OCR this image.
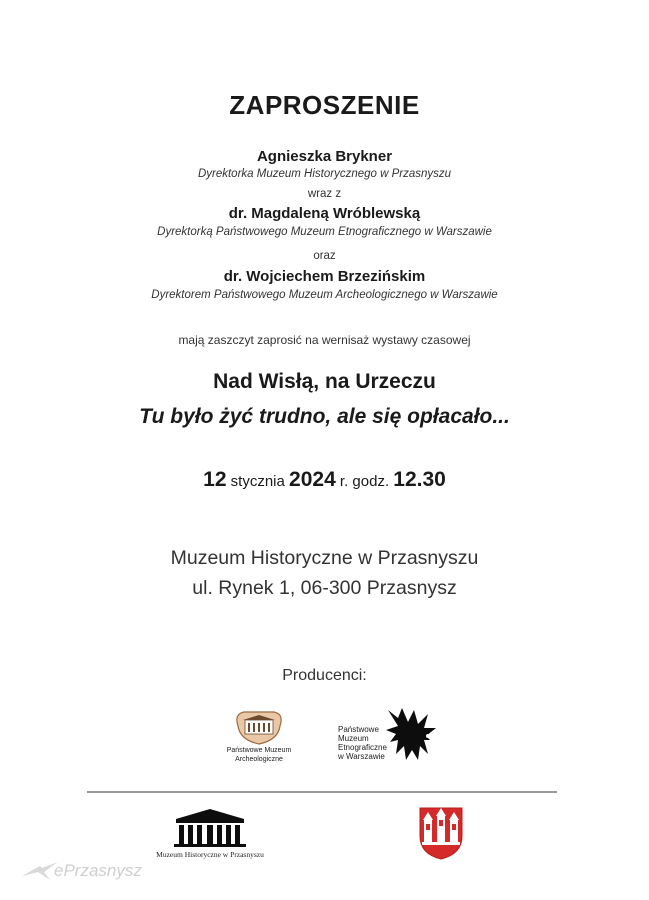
ZAPROSZENIE
Agnieszka Brykner
Dyrektorka Muzeum Historycznego w Przasnyszu
wraz z
dr. Magdaleną Wróblewską
Dyrektorką Państwowego Muzeum Etnograficznego w Warszawie
oraz
dr. Wojciechem Brzezińskim
Dyrektorem Państwowego Muzeum Archeologicznego w Warszawie
mają zaszczyt zaprosić na wernisaż wystawy czasowej
Nad Wisłą, na Urzeczu
Tu było żyć trudno, ale się opłacało...
12 stycznia 2024 r. godz. 12.30
Muzeum Historyczne w Przasnyszu
ul. Rynek 1, 06-300 Przasnysz
Producenci:
Państwowe Muzeum
Archeologiczne
Państwowe
Muzeum
Etnograficzne
w Warszawie
Muzeum Historyczne w Przasnyszu
ePrzasnysz
